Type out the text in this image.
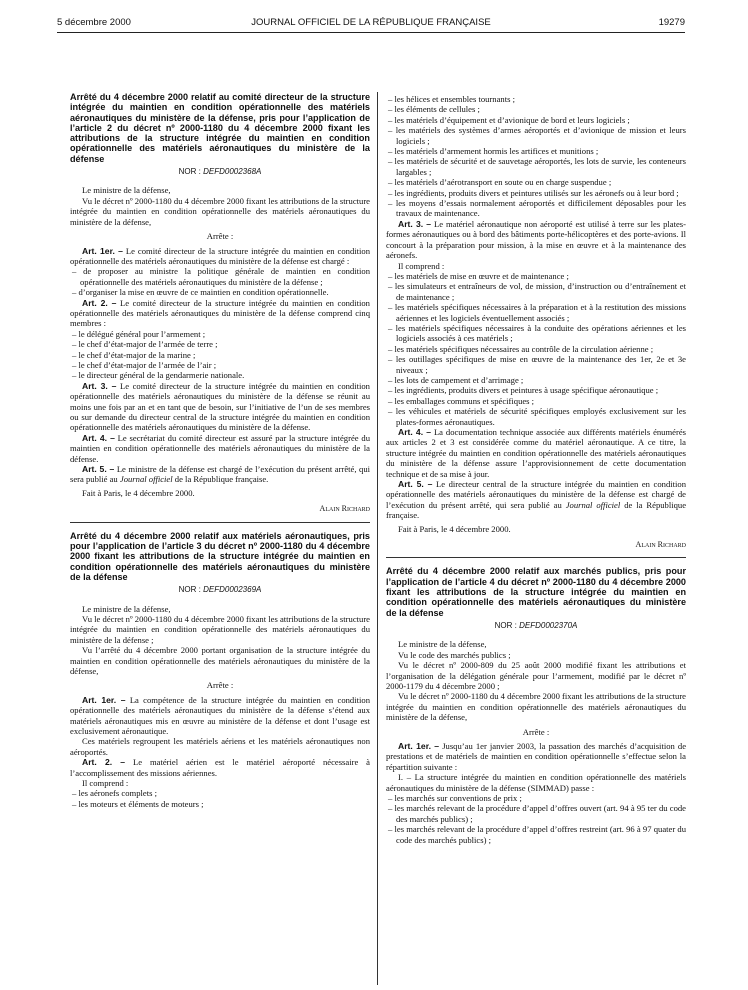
5 décembre 2000	JOURNAL OFFICIEL DE LA RÉPUBLIQUE FRANÇAISE	19279
Arrêté du 4 décembre 2000 relatif au comité directeur de la structure intégrée du maintien en condition opérationnelle des matériels aéronautiques du ministère de la défense, pris pour l’application de l’article 2 du décret nº 2000-1180 du 4 décembre 2000 fixant les attributions de la structure intégrée du maintien en condition opérationnelle des matériels aéronautiques du ministère de la défense
NOR : DEFD0002368A

Le ministre de la défense,

Vu le décret nº 2000-1180 du 4 décembre 2000 fixant les attributions de la structure intégrée du maintien en condition opérationnelle des matériels aéronautiques du ministère de la défense,

Arrête :

Art. 1er. – Le comité directeur de la structure intégrée du maintien en condition opérationnelle des matériels aéronautiques du ministère de la défense est chargé :

– de proposer au ministre la politique générale de maintien en condition opérationnelle des matériels aéronautiques du ministère de la défense ;
– d’organiser la mise en œuvre de ce maintien en condition opérationnelle.

Art. 2. – Le comité directeur de la structure intégrée du maintien en condition opérationnelle des matériels aéronautiques du ministère de la défense comprend cinq membres :

– le délégué général pour l’armement ;
– le chef d’état-major de l’armée de terre ;
– le chef d’état-major de la marine ;
– le chef d’état-major de l’armée de l’air ;
– le directeur général de la gendarmerie nationale.

Art. 3. – Le comité directeur de la structure intégrée du maintien en condition opérationnelle des matériels aéronautiques du ministère de la défense se réunit au moins une fois par an et en tant que de besoin, sur l’initiative de l’un de ses membres ou sur demande du directeur central de la structure intégrée du maintien en condition opérationnelle des matériels aéronautiques du ministère de la défense.

Art. 4. – Le secrétariat du comité directeur est assuré par la structure intégrée du maintien en condition opérationnelle des matériels aéronautiques du ministère de la défense.

Art. 5. – Le ministre de la défense est chargé de l’exécution du présent arrêté, qui sera publié au Journal officiel de la République française.

Fait à Paris, le 4 décembre 2000.

Alain Richard
Arrêté du 4 décembre 2000 relatif aux matériels aéronautiques, pris pour l’application de l’article 3 du décret nº 2000-1180 du 4 décembre 2000 fixant les attributions de la structure intégrée du maintien en condition opérationnelle des matériels aéronautiques du ministère de la défense
NOR : DEFD0002369A

Le ministre de la défense,

Vu le décret nº 2000-1180 du 4 décembre 2000 fixant les attributions de la structure intégrée du maintien en condition opérationnelle des matériels aéronautiques du ministère de la défense ;

Vu l’arrêté du 4 décembre 2000 portant organisation de la structure intégrée du maintien en condition opérationnelle des matériels aéronautiques du ministère de la défense,

Arrête :

Art. 1er. – La compétence de la structure intégrée du maintien en condition opérationnelle des matériels aéronautiques du ministère de la défense s’étend aux matériels aéronautiques mis en œuvre au ministère de la défense et dont l’usage est exclusivement aéronautique.

Ces matériels regroupent les matériels aériens et les matériels aéronautiques non aéroportés.

Art. 2. – Le matériel aérien est le matériel aéroporté nécessaire à l’accomplissement des missions aériennes.

Il comprend :

– les aéronefs complets ;
– les moteurs et éléments de moteurs ;
– les hélices et ensembles tournants ;
– les éléments de cellules ;
– les matériels d’équipement et d’avionique de bord et leurs logiciels ;
– les matériels des systèmes d’armes aéroportés et d’avionique de mission et leurs logiciels ;
– les matériels d’armement hormis les artifices et munitions ;
– les matériels de sécurité et de sauvetage aéroportés, les lots de survie, les conteneurs largables ;
– les matériels d’aérotransport en soute ou en charge suspendue ;
– les ingrédients, produits divers et peintures utilisés sur les aéronefs ou à leur bord ;
– les moyens d’essais normalement aéroportés et difficilement déposables pour les travaux de maintenance.

Art. 3. – Le matériel aéronautique non aéroporté est utilisé à terre sur les plates-formes aéronautiques ou à bord des bâtiments porte-hélicoptères et des porte-avions. Il concourt à la préparation pour mission, à la mise en œuvre et à la maintenance des aéronefs.

Il comprend :

– les matériels de mise en œuvre et de maintenance ;
– les simulateurs et entraîneurs de vol, de mission, d’instruction ou d’entraînement et de maintenance ;
– les matériels spécifiques nécessaires à la préparation et à la restitution des missions aériennes et les logiciels éventuellement associés ;
– les matériels spécifiques nécessaires à la conduite des opérations aériennes et les logiciels associés à ces matériels ;
– les matériels spécifiques nécessaires au contrôle de la circulation aérienne ;
– les outillages spécifiques de mise en œuvre de la maintenance des 1er, 2e et 3e niveaux ;
– les lots de campement et d’arrimage ;
– les ingrédients, produits divers et peintures à usage spécifique aéronautique ;
– les emballages communs et spécifiques ;
– les véhicules et matériels de sécurité spécifiques employés exclusivement sur les plates-formes aéronautiques.

Art. 4. – La documentation technique associée aux différents matériels énumérés aux articles 2 et 3 est considérée comme du matériel aéronautique. A ce titre, la structure intégrée du maintien en condition opérationnelle des matériels aéronautiques du ministère de la défense assure l’approvisionnement de cette documentation technique et de sa mise à jour.

Art. 5. – Le directeur central de la structure intégrée du maintien en condition opérationnelle des matériels aéronautiques du ministère de la défense est chargé de l’exécution du présent arrêté, qui sera publié au Journal officiel de la République française.

Fait à Paris, le 4 décembre 2000.

Alain Richard
Arrêté du 4 décembre 2000 relatif aux marchés publics, pris pour l’application de l’article 4 du décret nº 2000-1180 du 4 décembre 2000 fixant les attributions de la structure intégrée du maintien en condition opérationnelle des matériels aéronautiques du ministère de la défense
NOR : DEFD0002370A

Le ministre de la défense,

Vu le code des marchés publics ;

Vu le décret nº 2000-809 du 25 août 2000 modifié fixant les attributions et l’organisation de la délégation générale pour l’armement, modifié par le décret nº 2000-1179 du 4 décembre 2000 ;

Vu le décret nº 2000-1180 du 4 décembre 2000 fixant les attributions de la structure intégrée du maintien en condition opérationnelle des matériels aéronautiques du ministère de la défense,

Arrête :

Art. 1er. – Jusqu’au 1er janvier 2003, la passation des marchés d’acquisition de prestations et de matériels de maintien en condition opérationnelle s’effectue selon la répartition suivante :

I. – La structure intégrée du maintien en condition opérationnelle des matériels aéronautiques du ministère de la défense (SIMMAD) passe :

– les marchés sur conventions de prix ;
– les marchés relevant de la procédure d’appel d’offres ouvert (art. 94 à 95 ter du code des marchés publics) ;
– les marchés relevant de la procédure d’appel d’offres restreint (art. 96 à 97 quater du code des marchés publics) ;
